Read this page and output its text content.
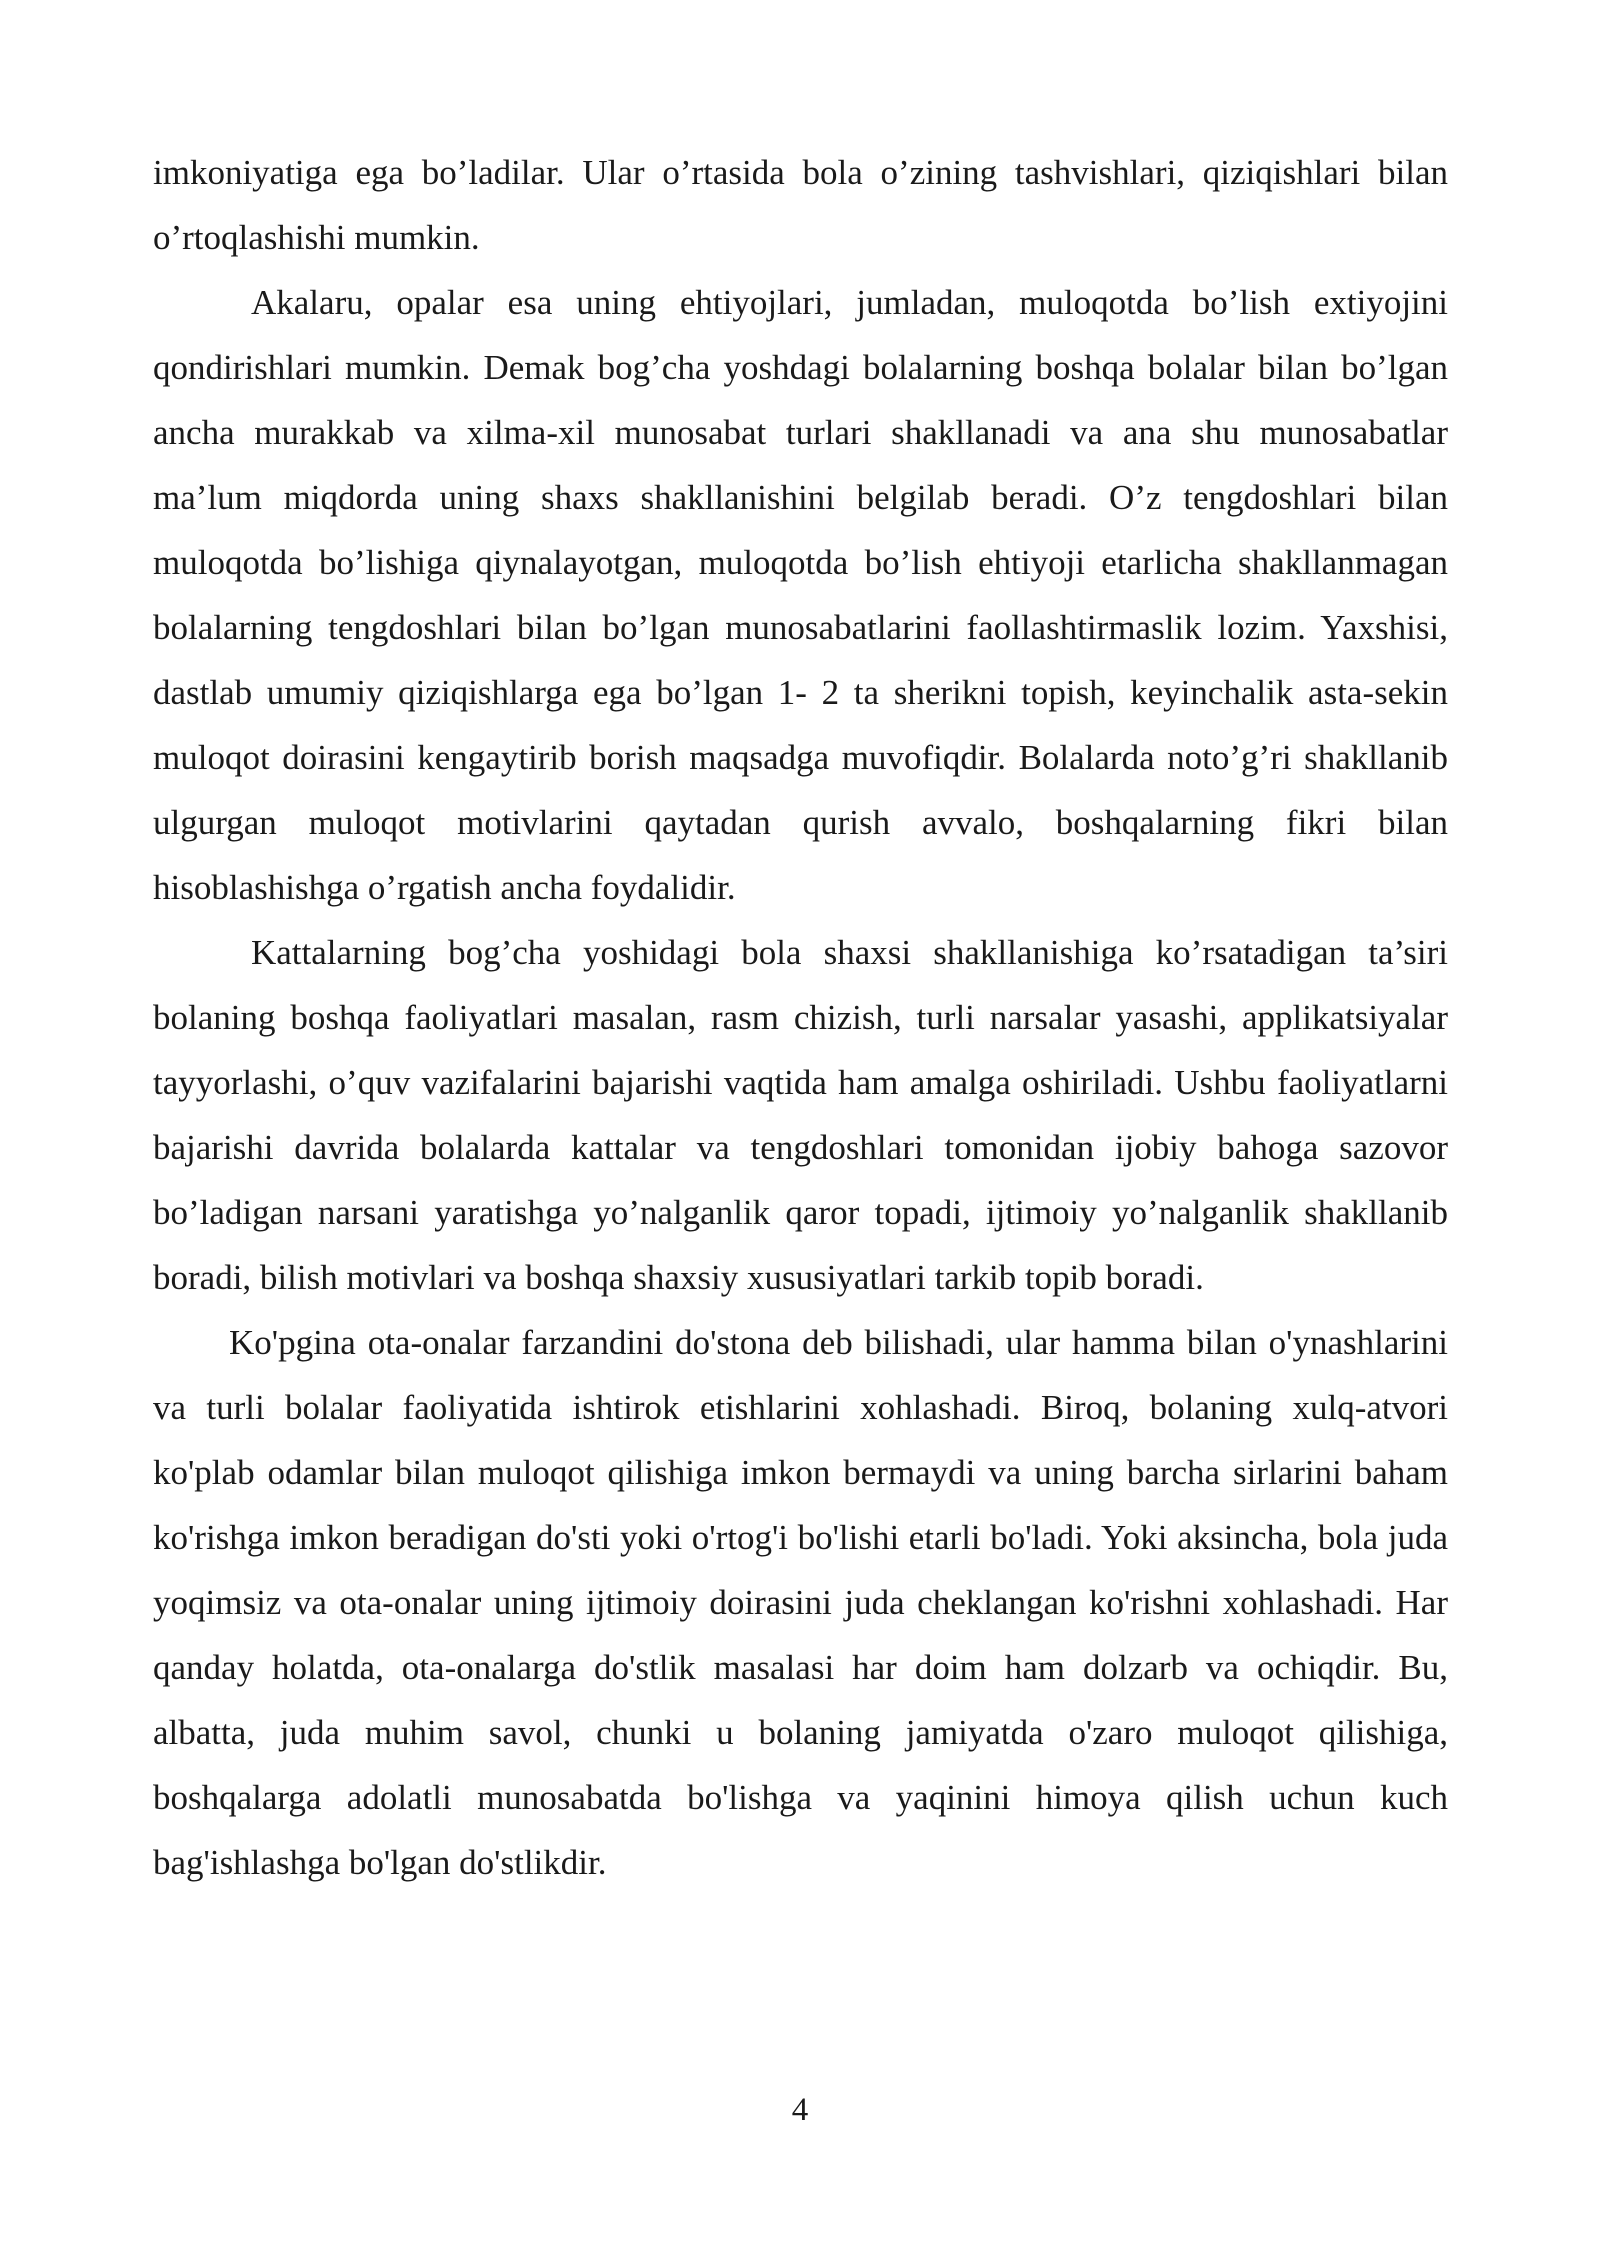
imkoniyatiga ega bo’ladilar. Ular o’rtasida bola o’zining tashvishlari, qiziqishlari bilan o’rtoqlashishi mumkin.

Akalaru, opalar esa uning ehtiyojlari, jumladan, muloqotda bo’lish extiyojini qondirishlari mumkin. Demak bog’cha yoshdagi bolalarning boshqa bolalar bilan bo’lgan ancha murakkab va xilma-xil munosabat turlari shakllanadi va ana shu munosabatlar ma’lum miqdorda uning shaxs shakllanishini belgilab beradi. O’z tengdoshlari bilan muloqotda bo’lishiga qiynalayotgan, muloqotda bo’lish ehtiyoji etarlicha shakllanmagan bolalarning tengdoshlari bilan bo’lgan munosabatlarini faollashtirmaslik lozim. Yaxshisi, dastlab umumiy qiziqishlarga ega bo’lgan 1- 2 ta sherikni topish, keyinchalik asta-sekin muloqot doirasini kengaytirib borish maqsadga muvofiqdir. Bolalarda noto’g’ri shakllanib ulgurgan muloqot motivlarini qaytadan qurish avvalo, boshqalarning fikri bilan hisoblashishga o’rgatish ancha foydalidir.

Kattalarning bog’cha yoshidagi bola shaxsi shakllanishiga ko’rsatadigan ta’siri bolaning boshqa faoliyatlari masalan, rasm chizish, turli narsalar yasashi, applikatsiyalar tayyorlashi, o’quv vazifalarini bajarishi vaqtida ham amalga oshiriladi. Ushbu faoliyatlarni bajarishi davrida bolalarda kattalar va tengdoshlari tomonidan ijobiy bahoga sazovor bo’ladigan narsani yaratishga yo’nalganlik qaror topadi, ijtimoiy yo’nalganlik shakllanib boradi, bilish motivlari va boshqa shaxsiy xususiyatlari tarkib topib boradi.

Ko'pgina ota-onalar farzandini do'stona deb bilishadi, ular hamma bilan o'ynashlarini va turli bolalar faoliyatida ishtirok etishlarini xohlashadi. Biroq, bolaning xulq-atvori ko'plab odamlar bilan muloqot qilishiga imkon bermaydi va uning barcha sirlarini baham ko'rishga imkon beradigan do'sti yoki o'rtog'i bo'lishi etarli bo'ladi. Yoki aksincha, bola juda yoqimsiz va ota-onalar uning ijtimoiy doirasini juda cheklangan ko'rishni xohlashadi. Har qanday holatda, ota-onalarga do'stlik masalasi har doim ham dolzarb va ochiqdir. Bu, albatta, juda muhim savol, chunki u bolaning jamiyatda o'zaro muloqot qilishiga, boshqalarga adolatli munosabatda bo'lishga va yaqinini himoya qilish uchun kuch bag'ishlashga bo'lgan do'stlikdir.

4
